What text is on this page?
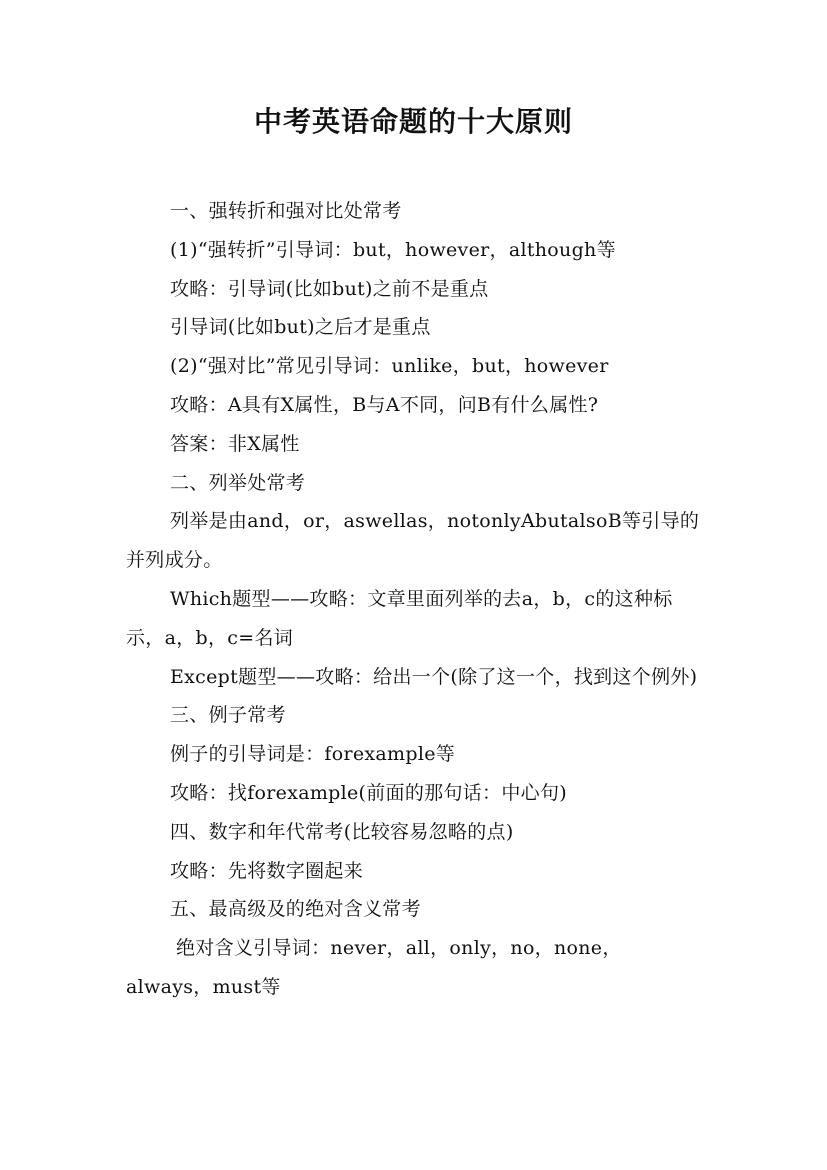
中考英语命题的十大原则

一、强转折和强对比处常考

(1)“强转折”引导词：but，however，although等

攻略：引导词(比如but)之前不是重点

引导词(比如but)之后才是重点

(2)“强对比”常见引导词：unlike，but，however

攻略：A具有X属性，B与A不同，问B有什么属性?

答案：非X属性

二、列举处常考

列举是由and，or，aswellas，notonlyAbutalsoB等引导的并列成分。

Which题型——攻略：文章里面列举的去a，b，c的这种标示，a，b，c=名词

Except题型——攻略：给出一个(除了这一个，找到这个例外)

三、例子常考

例子的引导词是：forexample等

攻略：找forexample(前面的那句话：中心句)

四、数字和年代常考(比较容易忽略的点)

攻略：先将数字圈起来

五、最高级及的绝对含义常考

绝对含义引导词：never，all，only，no，none，always，must等
